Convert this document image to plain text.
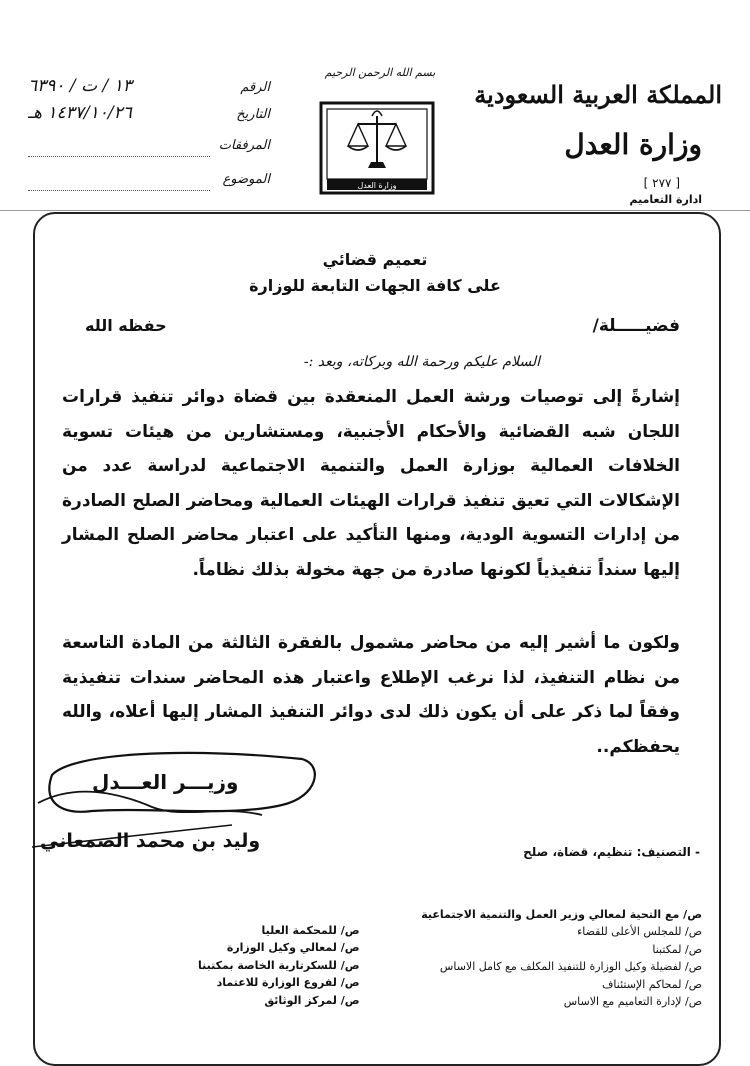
المملكة العربية السعودية
وزارة العدل
[ ٢٧٧ ]
ادارة التعاميم
بسم الله الرحمن الرحيم
وزارة العدل
الرقم
١٣ / ت / ٦٣٩٠
التاريخ
١٤٣٧/١٠/٢٦ هـ
المرفقات
الموضوع
تعميم قضائي
على كافة الجهات التابعة للوزارة
فضيـــــلة/
حفظه الله
السلام عليكم ورحمة الله وبركاته، وبعد :-
إشارةً إلى توصيات ورشة العمل المنعقدة بين قضاة دوائر تنفيذ قرارات اللجان شبه القضائية والأحكام الأجنبية، ومستشارين من هيئات تسوية الخلافات العمالية بوزارة العمل والتنمية الاجتماعية لدراسة عدد من الإشكالات التي تعيق تنفيذ قرارات الهيئات العمالية ومحاضر الصلح الصادرة من إدارات التسوية الودية، ومنها التأكيد على اعتبار محاضر الصلح المشار إليها سنداً تنفيذياً لكونها صادرة من جهة مخولة بذلك نظاماً.
ولكون ما أشير إليه من محاضر مشمول بالفقرة الثالثة من المادة التاسعة من نظام التنفيذ، لذا نرغب الإطلاع واعتبار هذه المحاضر سندات تنفيذية وفقاً لما ذكر على أن يكون ذلك لدى دوائر التنفيذ المشار إليها أعلاه، والله يحفظكم..
وزيـــر العـــدل
وليد بن محمد الصمعاني	- التصنيف: تنظيم، قضاة، صلح
ص/ مع التحية لمعالي وزير العمل والتنمية الاجتماعية
ص/ للمجلس الأعلى للقضاء
ص/ لمكتبنا
ص/ لفضيلة وكيل الوزارة للتنفيذ المكلف مع كامل الاساس
ص/ لمحاكم الإستئناف
ص/ لإدارة التعاميم مع الاساس
ص/ للمحكمة العليا
ص/ لمعالي وكيل الوزارة
ص/ للسكرتارية الخاصة بمكتبنا
ص/ لفروع الوزارة للاعتماد
ص/ لمركز الوثائق
